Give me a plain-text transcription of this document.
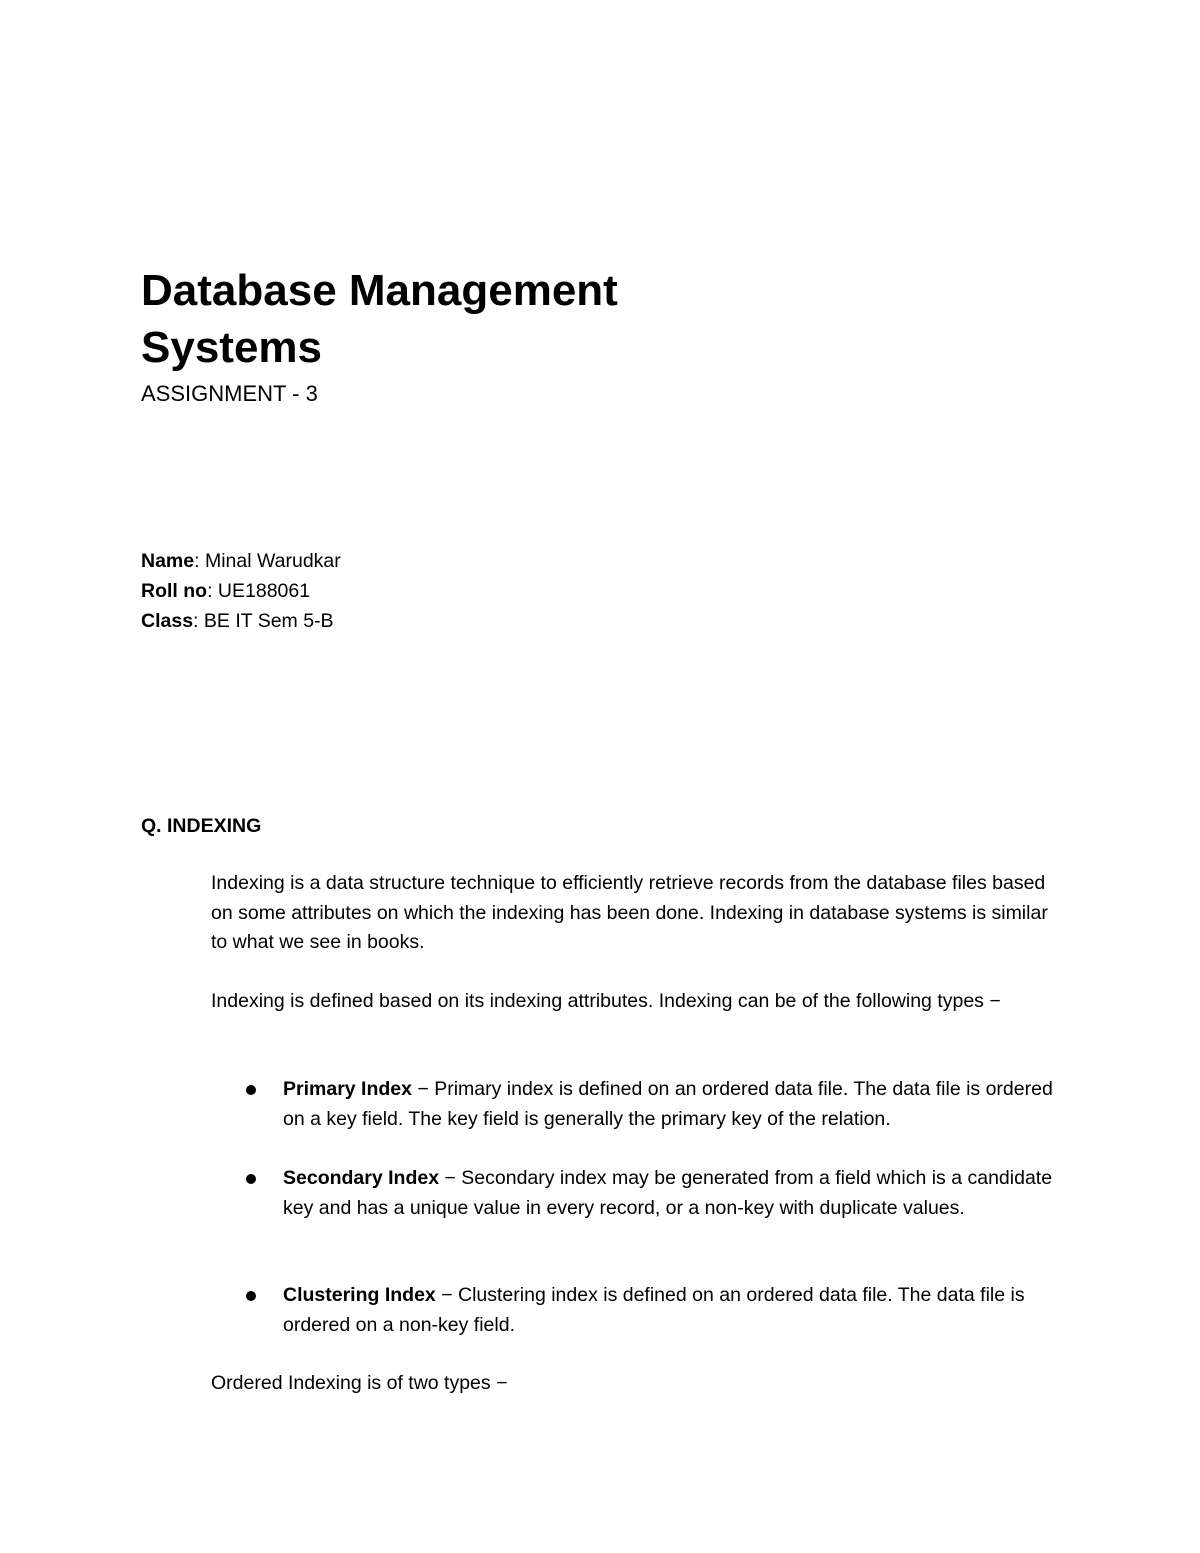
Database Management Systems
ASSIGNMENT - 3
Name: Minal Warudkar
Roll no: UE188061
Class: BE IT Sem 5-B
Q. INDEXING

Indexing is a data structure technique to efficiently retrieve records from the database files based on some attributes on which the indexing has been done. Indexing in database systems is similar to what we see in books.

Indexing is defined based on its indexing attributes. Indexing can be of the following types −

Primary Index − Primary index is defined on an ordered data file. The data file is ordered on a key field. The key field is generally the primary key of the relation.
Secondary Index − Secondary index may be generated from a field which is a candidate key and has a unique value in every record, or a non-key with duplicate values.
Clustering Index − Clustering index is defined on an ordered data file. The data file is ordered on a non-key field.

Ordered Indexing is of two types −
